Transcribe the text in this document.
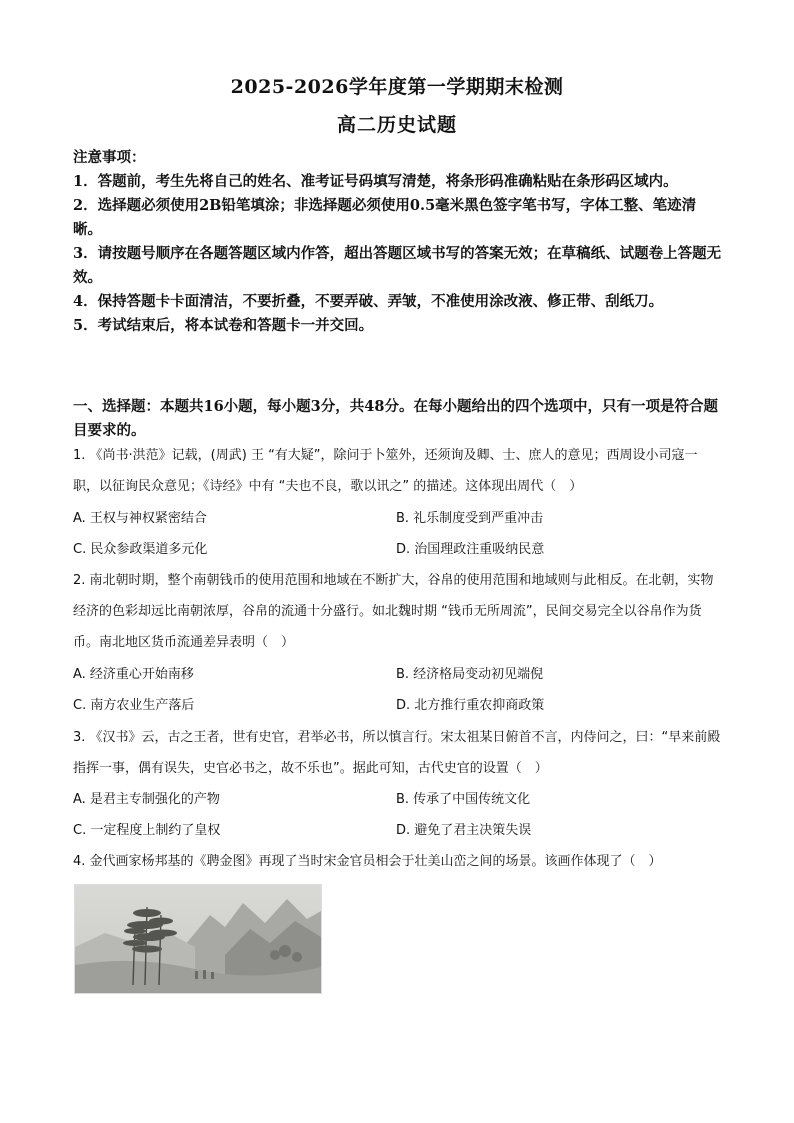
2025-2026学年度第一学期期末检测
高二历史试题

注意事项：

1．答题前，考生先将自己的姓名、准考证号码填写清楚，将条形码准确粘贴在条形码区域内。

2．选择题必须使用2B铅笔填涂；非选择题必须使用0.5毫米黑色签字笔书写，字体工整、笔迹清晰。

3．请按题号顺序在各题答题区域内作答，超出答题区域书写的答案无效；在草稿纸、试题卷上答题无效。

4．保持答题卡卡面清洁，不要折叠，不要弄破、弄皱，不准使用涂改液、修正带、刮纸刀。

5．考试结束后，将本试卷和答题卡一并交回。

一、选择题：本题共16小题，每小题3分，共48分。在每小题给出的四个选项中，只有一项是符合题目要求的。
1. 《尚书·洪范》记载，(周武) 王 “有大疑”，除问于卜筮外，还须询及卿、士、庶人的意见；西周设小司寇一职，以征询民众意见；《诗经》中有 “夫也不良，歌以讯之” 的描述。这体现出周代（　）
A. 王权与神权紧密结合	B. 礼乐制度受到严重冲击
C. 民众参政渠道多元化	D. 治国理政注重吸纳民意
2. 南北朝时期，整个南朝钱币的使用范围和地域在不断扩大，谷帛的使用范围和地域则与此相反。在北朝，实物经济的色彩却远比南朝浓厚，谷帛的流通十分盛行。如北魏时期 “钱币无所周流”，民间交易完全以谷帛作为货币。南北地区货币流通差异表明（　）
A. 经济重心开始南移	B. 经济格局变动初见端倪
C. 南方农业生产落后	D. 北方推行重农抑商政策
3. 《汉书》云，古之王者，世有史官，君举必书，所以慎言行。宋太祖某日俯首不言，内侍问之，曰：“早来前殿指挥一事，偶有误失，史官必书之，故不乐也”。据此可知，古代史官的设置（　）
A. 是君主专制强化的产物	B. 传承了中国传统文化
C. 一定程度上制约了皇权	D. 避免了君主决策失误
4. 金代画家杨邦基的《聘金图》再现了当时宋金官员相会于壮美山峦之间的场景。该画作体现了（　）
